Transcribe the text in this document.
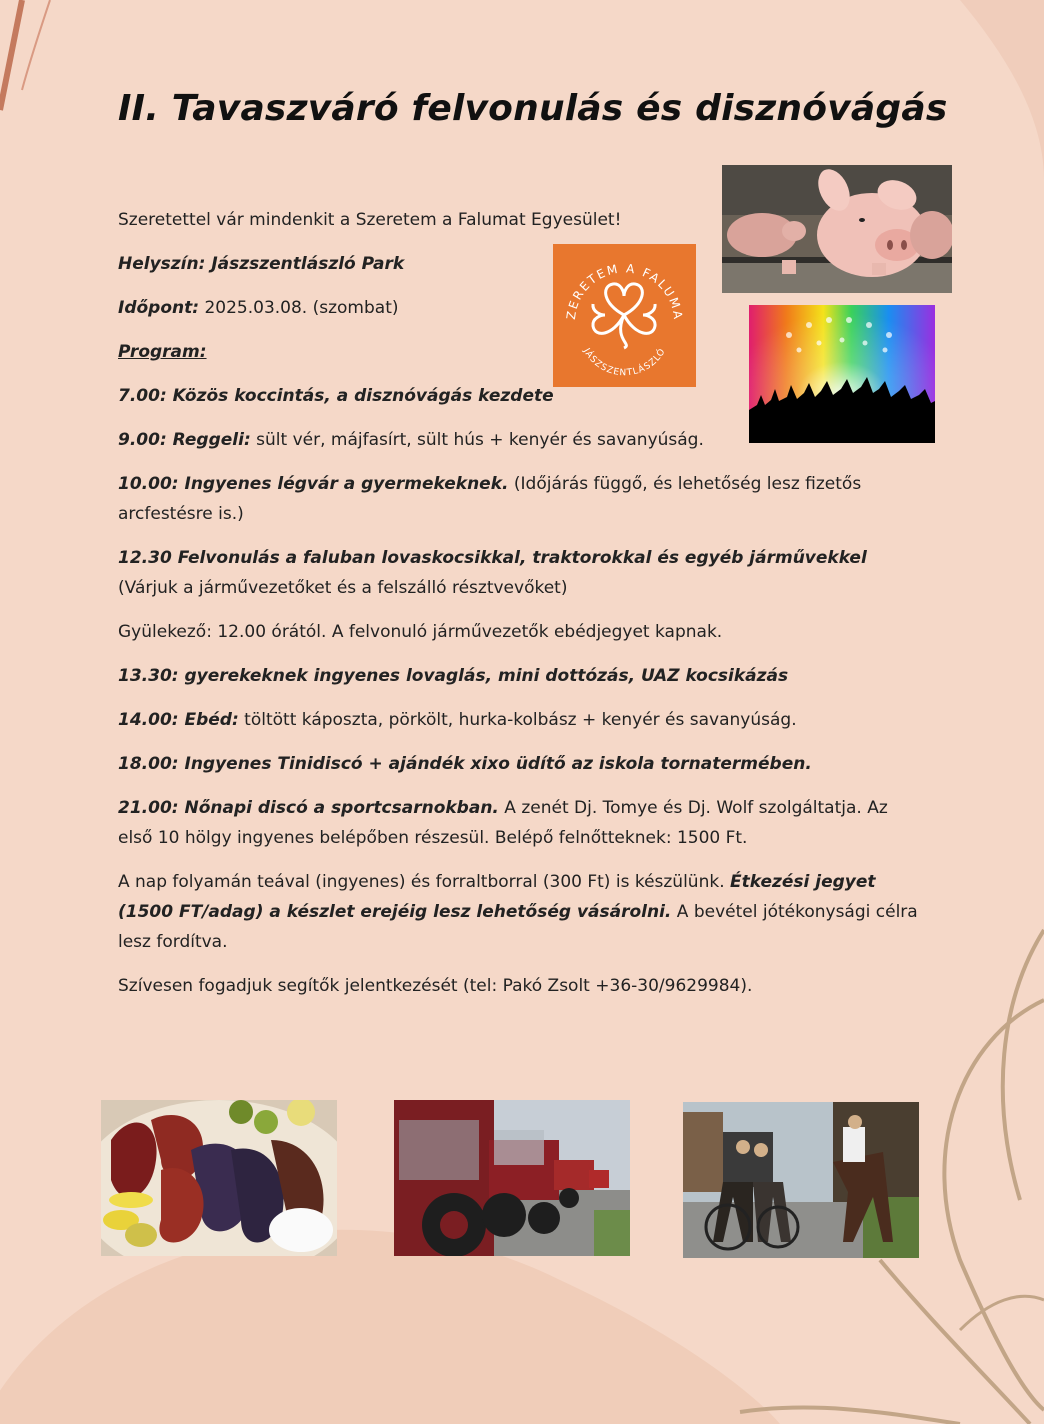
II. Tavaszváró felvonulás és disznóvágás
ZERETEM A FALUMA
JÁSZSZENTLÁSZLÓ

Szeretettel vár mindenkit a Szeretem a Falumat Egyesület!

Helyszín: Jászszentlászló Park

Időpont: 2025.03.08. (szombat)

Program:

7.00: Közös koccintás, a disznóvágás kezdete

9.00: Reggeli: sült vér, májfasírt, sült hús + kenyér és savanyúság.

10.00: Ingyenes légvár a gyermekeknek. (Időjárás függő, és lehetőség lesz fizetős arcfestésre is.)

12.30 Felvonulás a faluban lovaskocsikkal, traktorokkal és egyéb járművekkel
(Várjuk a járművezetőket és a felszálló résztvevőket)

Gyülekező: 12.00 órától. A felvonuló járművezetők ebédjegyet kapnak.

13.30: gyerekeknek ingyenes lovaglás, mini dottózás, UAZ kocsikázás

14.00: Ebéd: töltött káposzta, pörkölt, hurka-kolbász + kenyér és savanyúság.

18.00: Ingyenes Tinidiscó + ajándék xixo üdítő az iskola tornatermében.

21.00: Nőnapi discó a sportcsarnokban. A zenét Dj. Tomye és Dj. Wolf szolgáltatja. Az első 10 hölgy ingyenes belépőben részesül. Belépő felnőtteknek: 1500 Ft.

A nap folyamán teával (ingyenes) és forraltborral (300 Ft) is készülünk. Étkezési jegyet (1500 FT/adag) a készlet erejéig lesz lehetőség vásárolni. A bevétel jótékonysági célra lesz fordítva.

Szívesen fogadjuk segítők jelentkezését (tel: Pakó Zsolt +36-30/9629984).
